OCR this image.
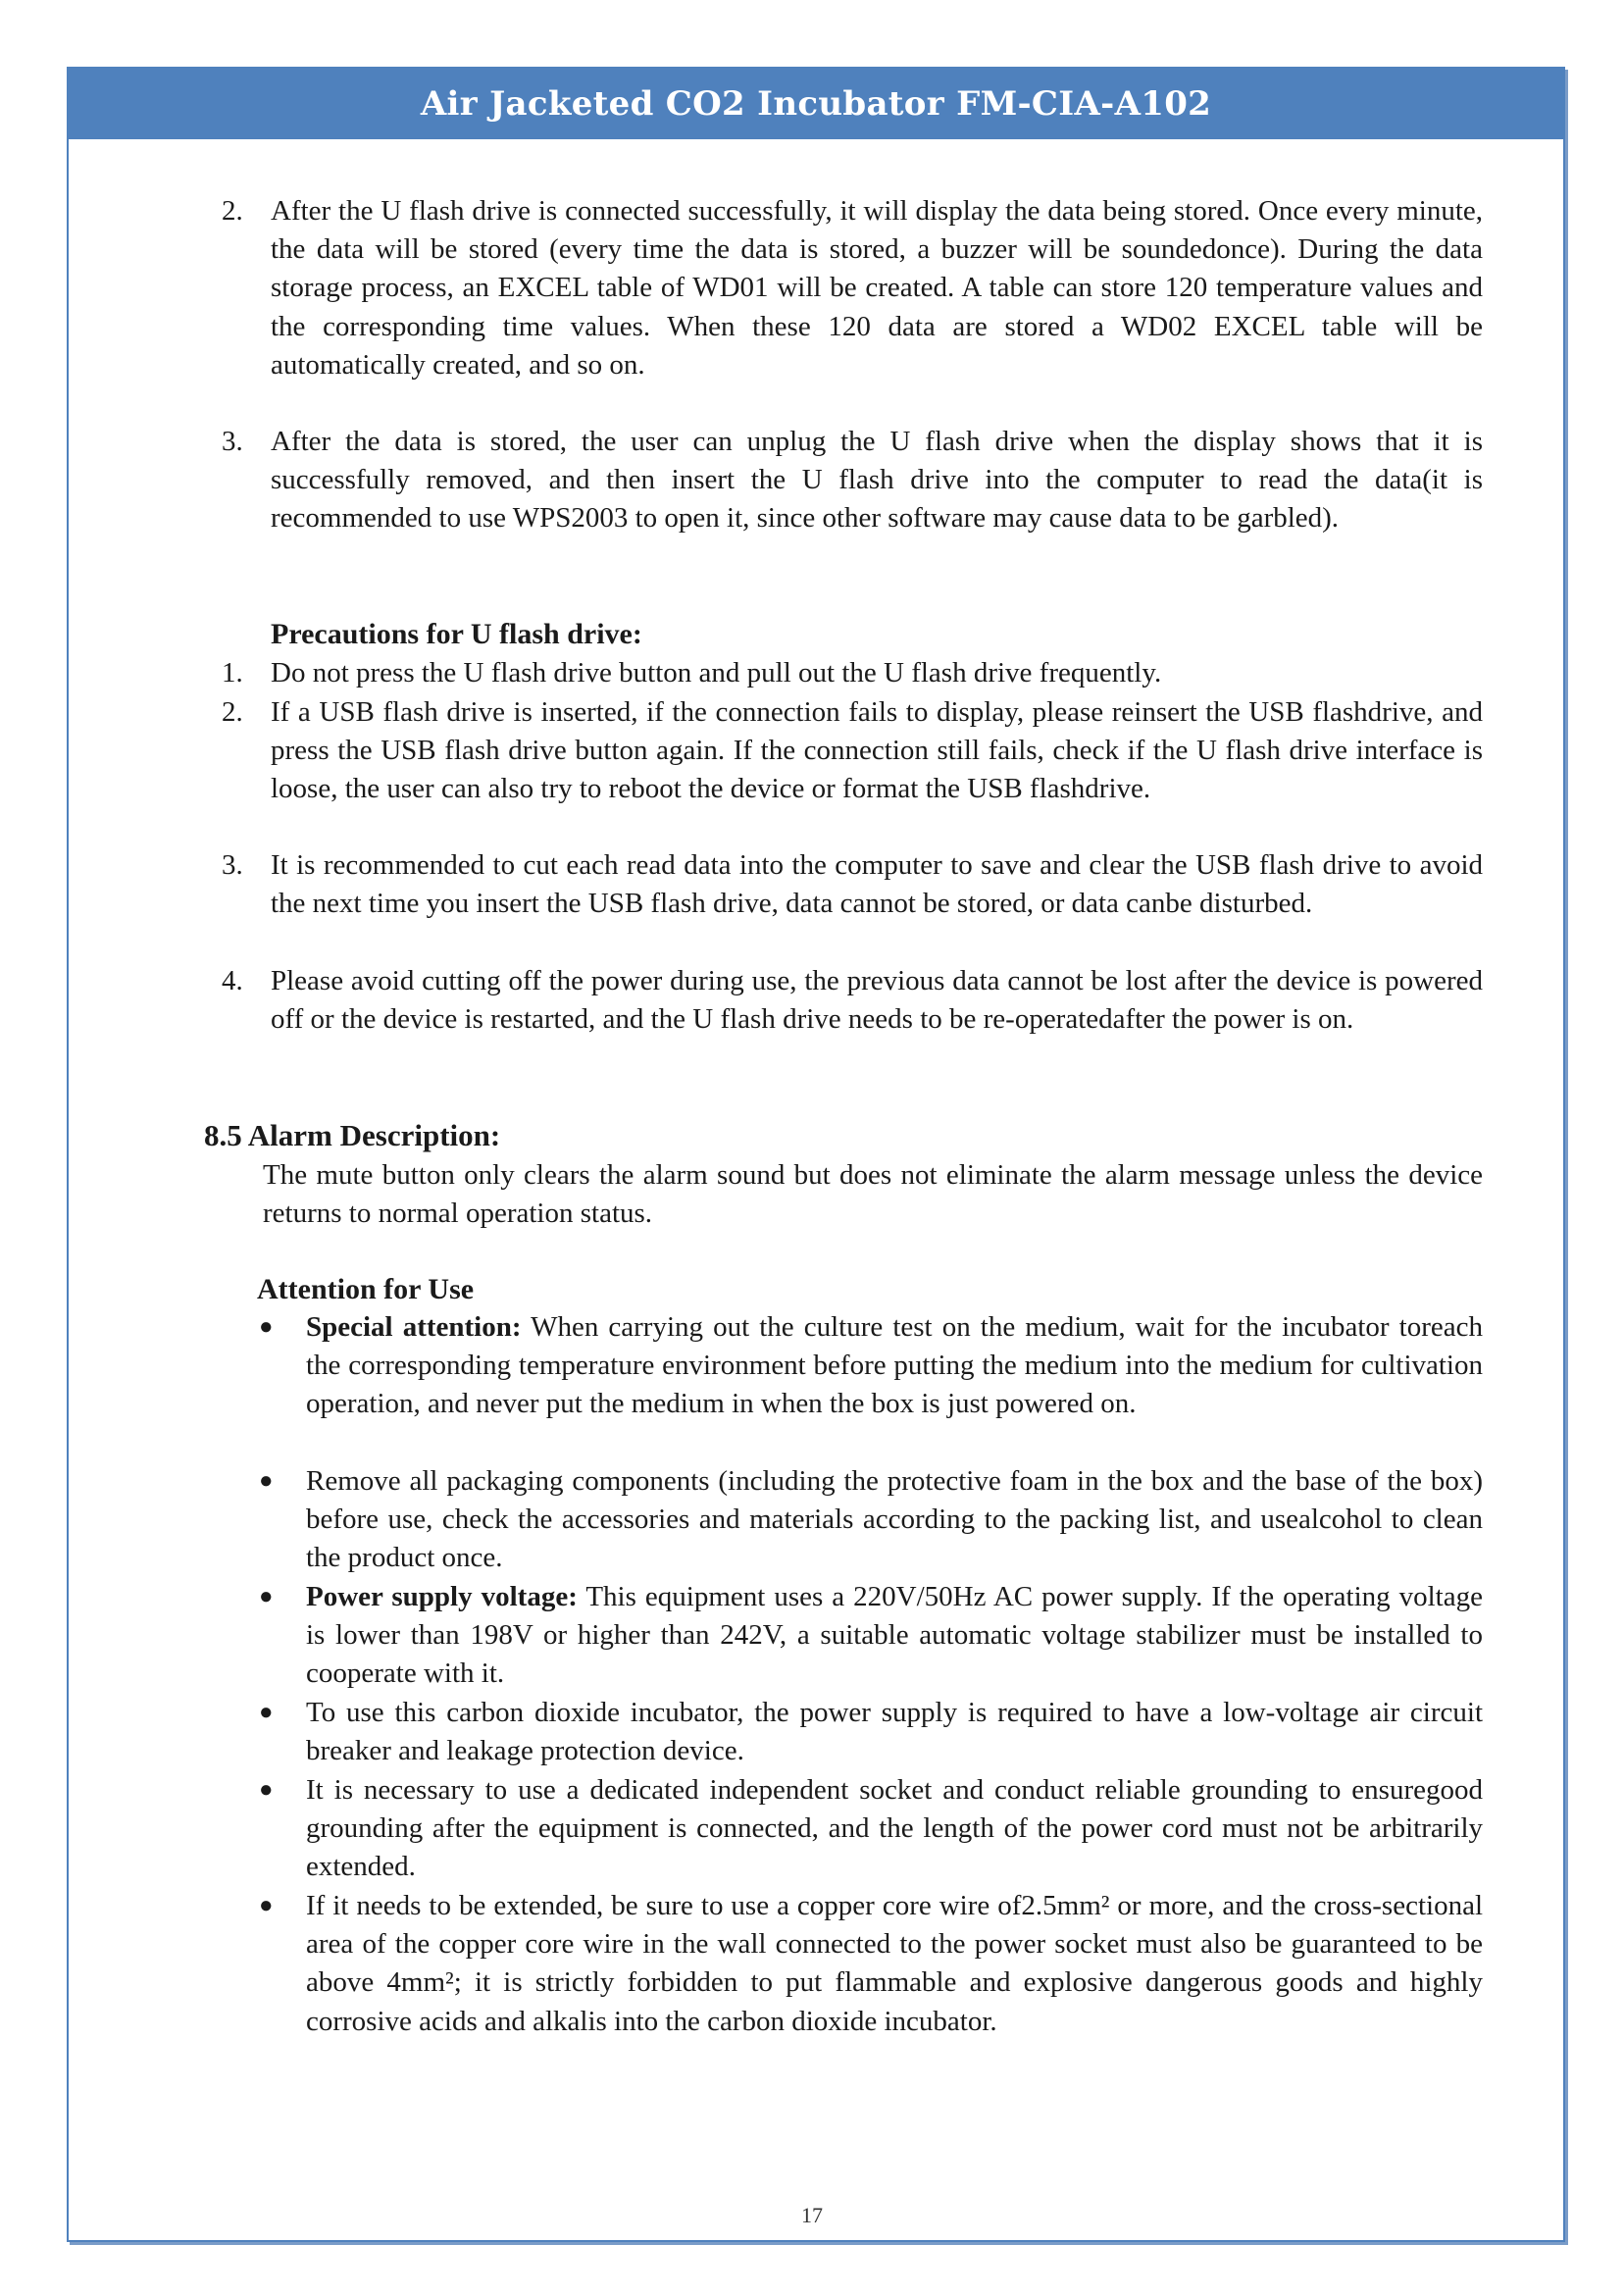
Air Jacketed CO2 Incubator FM-CIA-A102
2. After the U flash drive is connected successfully, it will display the data being stored. Once every minute, the data will be stored (every time the data is stored, a buzzer will be soundedonce). During the data storage process, an EXCEL table of WD01 will be created. A table can store 120 temperature values and the corresponding time values. When these 120 data are stored a WD02 EXCEL table will be automatically created, and so on.
3. After the data is stored, the user can unplug the U flash drive when the display shows that it is successfully removed, and then insert the U flash drive into the computer to read the data(it is recommended to use WPS2003 to open it, since other software may cause data to be garbled).
Precautions for U flash drive:
1. Do not press the U flash drive button and pull out the U flash drive frequently.
2. If a USB flash drive is inserted, if the connection fails to display, please reinsert the USB flashdrive, and press the USB flash drive button again. If the connection still fails, check if the U flash drive interface is loose, the user can also try to reboot the device or format the USB flashdrive.
3. It is recommended to cut each read data into the computer to save and clear the USB flash drive to avoid the next time you insert the USB flash drive, data cannot be stored, or data canbe disturbed.
4. Please avoid cutting off the power during use, the previous data cannot be lost after the device is powered off or the device is restarted, and the U flash drive needs to be re-operatedafter the power is on.
8.5 Alarm Description:
The mute button only clears the alarm sound but does not eliminate the alarm message unless the device returns to normal operation status.
Attention for Use
● Special attention: When carrying out the culture test on the medium, wait for the incubator toreach the corresponding temperature environment before putting the medium into the medium for cultivation operation, and never put the medium in when the box is just powered on.
● Remove all packaging components (including the protective foam in the box and the base of the box) before use, check the accessories and materials according to the packing list, and usealcohol to clean the product once.
● Power supply voltage: This equipment uses a 220V/50Hz AC power supply. If the operating voltage is lower than 198V or higher than 242V, a suitable automatic voltage stabilizer must be installed to cooperate with it.
● To use this carbon dioxide incubator, the power supply is required to have a low-voltage air circuit breaker and leakage protection device.
● It is necessary to use a dedicated independent socket and conduct reliable grounding to ensuregood grounding after the equipment is connected, and the length of the power cord must not be arbitrarily extended.
● If it needs to be extended, be sure to use a copper core wire of2.5mm² or more, and the cross-sectional area of the copper core wire in the wall connected to the power socket must also be guaranteed to be above 4mm²; it is strictly forbidden to put flammable and explosive dangerous goods and highly corrosive acids and alkalis into the carbon dioxide incubator.
17
